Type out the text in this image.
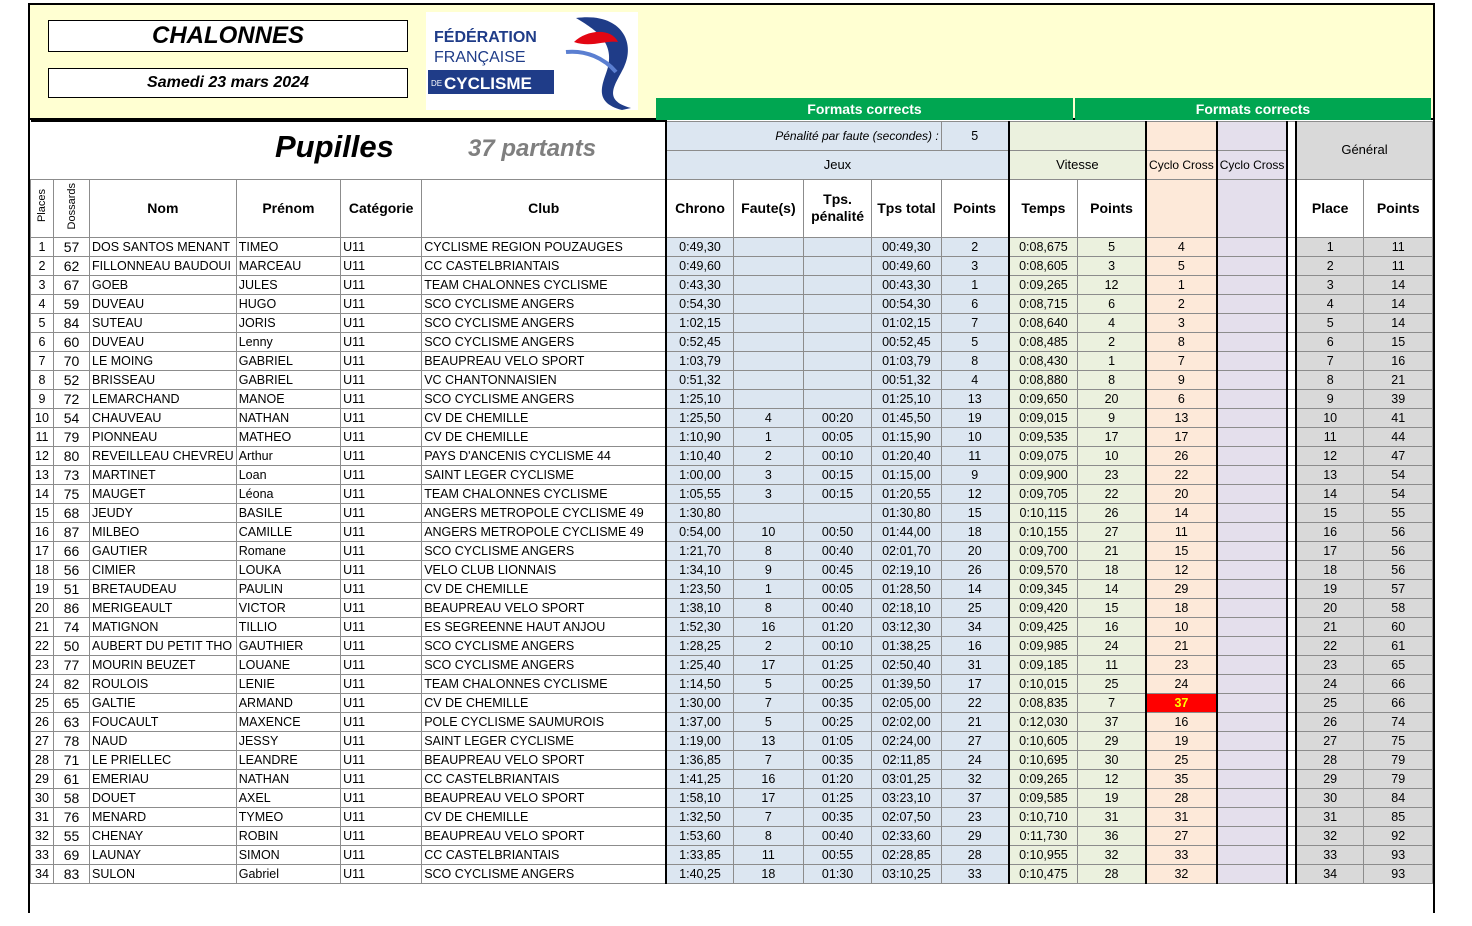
CHALONNES
Samedi 23 mars 2024
FÉDÉRATION
FRANÇAISE
DE CYCLISME
Formats corrects	Formats corrects
						Pénalité par faute (secondes) :				5						Général	
						Jeux					Vitesse		Cyclo Cross	Cyclo Cross			
Places	Dossards	Nom	Prénom	Catégorie	Club	Chrono	Faute(s)	Tps. pénalité	Tps total	Points	Temps	Points				Place	Points
1	57	DOS SANTOS MENANT	TIMEO	U11	CYCLISME REGION POUZAUGES	0:49,30			00:49,30	2	0:08,675	5	4			1	11
2	62	FILLONNEAU BAUDOUI	MARCEAU	U11	CC CASTELBRIANTAIS	0:49,60			00:49,60	3	0:08,605	3	5			2	11
3	67	GOEB	JULES	U11	TEAM CHALONNES CYCLISME	0:43,30			00:43,30	1	0:09,265	12	1			3	14
4	59	DUVEAU	HUGO	U11	SCO CYCLISME ANGERS	0:54,30			00:54,30	6	0:08,715	6	2			4	14
5	84	SUTEAU	JORIS	U11	SCO CYCLISME ANGERS	1:02,15			01:02,15	7	0:08,640	4	3			5	14
6	60	DUVEAU	Lenny	U11	SCO CYCLISME ANGERS	0:52,45			00:52,45	5	0:08,485	2	8			6	15
7	70	LE MOING	GABRIEL	U11	BEAUPREAU VELO SPORT	1:03,79			01:03,79	8	0:08,430	1	7			7	16
8	52	BRISSEAU	GABRIEL	U11	VC CHANTONNAISIEN	0:51,32			00:51,32	4	0:08,880	8	9			8	21
9	72	LEMARCHAND	MANOE	U11	SCO CYCLISME ANGERS	1:25,10			01:25,10	13	0:09,650	20	6			9	39
10	54	CHAUVEAU	NATHAN	U11	CV DE CHEMILLE	1:25,50	4	00:20	01:45,50	19	0:09,015	9	13			10	41
11	79	PIONNEAU	MATHEO	U11	CV DE CHEMILLE	1:10,90	1	00:05	01:15,90	10	0:09,535	17	17			11	44
12	80	REVEILLEAU CHEVREU	Arthur	U11	PAYS D'ANCENIS CYCLISME 44	1:10,40	2	00:10	01:20,40	11	0:09,075	10	26			12	47
13	73	MARTINET	Loan	U11	SAINT LEGER CYCLISME	1:00,00	3	00:15	01:15,00	9	0:09,900	23	22			13	54
14	75	MAUGET	Léona	U11	TEAM CHALONNES CYCLISME	1:05,55	3	00:15	01:20,55	12	0:09,705	22	20			14	54
15	68	JEUDY	BASILE	U11	ANGERS METROPOLE CYCLISME 49	1:30,80			01:30,80	15	0:10,115	26	14			15	55
16	87	MILBEO	CAMILLE	U11	ANGERS METROPOLE CYCLISME 49	0:54,00	10	00:50	01:44,00	18	0:10,155	27	11			16	56
17	66	GAUTIER	Romane	U11	SCO CYCLISME ANGERS	1:21,70	8	00:40	02:01,70	20	0:09,700	21	15			17	56
18	56	CIMIER	LOUKA	U11	VELO CLUB LIONNAIS	1:34,10	9	00:45	02:19,10	26	0:09,570	18	12			18	56
19	51	BRETAUDEAU	PAULIN	U11	CV DE CHEMILLE	1:23,50	1	00:05	01:28,50	14	0:09,345	14	29			19	57
20	86	MERIGEAULT	VICTOR	U11	BEAUPREAU VELO SPORT	1:38,10	8	00:40	02:18,10	25	0:09,420	15	18			20	58
21	74	MATIGNON	TILLIO	U11	ES SEGREENNE HAUT ANJOU	1:52,30	16	01:20	03:12,30	34	0:09,425	16	10			21	60
22	50	AUBERT DU PETIT THO	GAUTHIER	U11	SCO CYCLISME ANGERS	1:28,25	2	00:10	01:38,25	16	0:09,985	24	21			22	61
23	77	MOURIN BEUZET	LOUANE	U11	SCO CYCLISME ANGERS	1:25,40	17	01:25	02:50,40	31	0:09,185	11	23			23	65
24	82	ROULOIS	LENIE	U11	TEAM CHALONNES CYCLISME	1:14,50	5	00:25	01:39,50	17	0:10,015	25	24			24	66
25	65	GALTIE	ARMAND	U11	CV DE CHEMILLE	1:30,00	7	00:35	02:05,00	22	0:08,835	7	37			25	66
26	63	FOUCAULT	MAXENCE	U11	POLE CYCLISME SAUMUROIS	1:37,00	5	00:25	02:02,00	21	0:12,030	37	16			26	74
27	78	NAUD	JESSY	U11	SAINT LEGER CYCLISME	1:19,00	13	01:05	02:24,00	27	0:10,605	29	19			27	75
28	71	LE PRIELLEC	LEANDRE	U11	BEAUPREAU VELO SPORT	1:36,85	7	00:35	02:11,85	24	0:10,695	30	25			28	79
29	61	EMERIAU	NATHAN	U11	CC CASTELBRIANTAIS	1:41,25	16	01:20	03:01,25	32	0:09,265	12	35			29	79
30	58	DOUET	AXEL	U11	BEAUPREAU VELO SPORT	1:58,10	17	01:25	03:23,10	37	0:09,585	19	28			30	84
31	76	MENARD	TYMEO	U11	CV DE CHEMILLE	1:32,50	7	00:35	02:07,50	23	0:10,710	31	31			31	85
32	55	CHENAY	ROBIN	U11	BEAUPREAU VELO SPORT	1:53,60	8	00:40	02:33,60	29	0:11,730	36	27			32	92
33	69	LAUNAY	SIMON	U11	CC CASTELBRIANTAIS	1:33,85	11	00:55	02:28,85	28	0:10,955	32	33			33	93
34	83	SULON	Gabriel	U11	SCO CYCLISME ANGERS	1:40,25	18	01:30	03:10,25	33	0:10,475	28	32			34	93
Pupilles	37 partants
